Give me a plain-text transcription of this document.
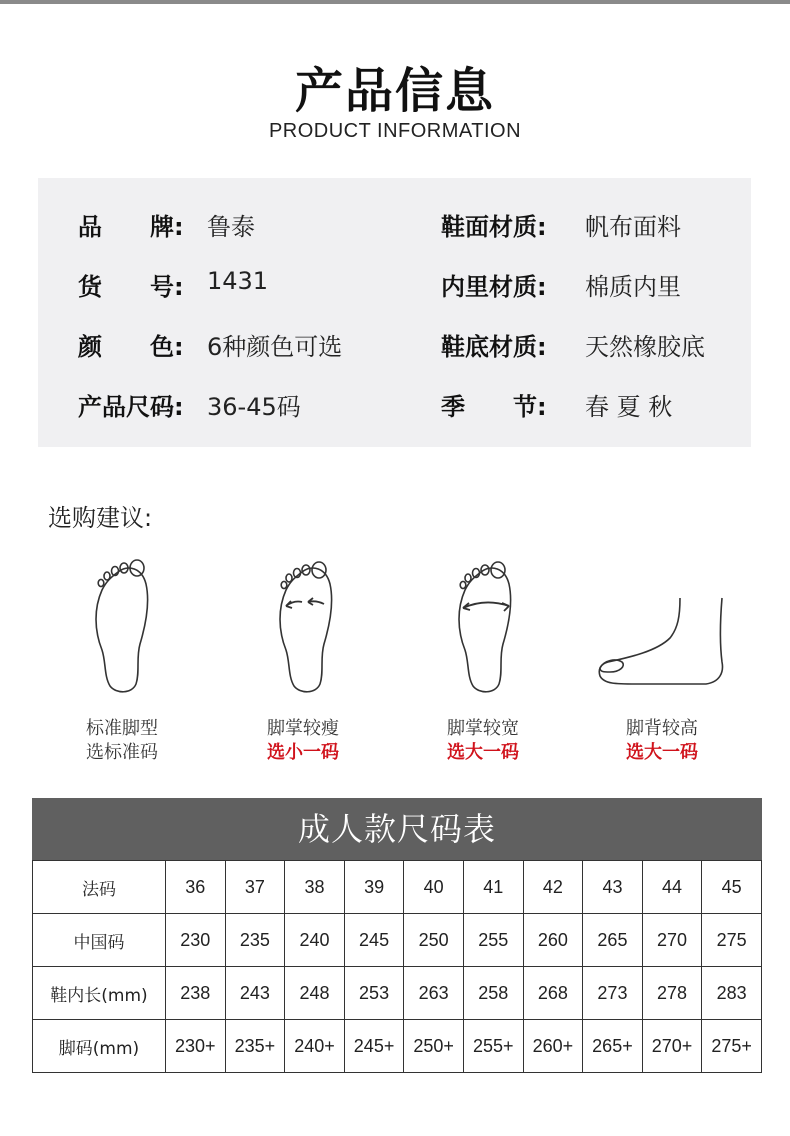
产品信息
PRODUCT INFORMATION
品　　牌: 鲁泰
货　　号: 1431
颜　　色: 6种颜色可选
产品尺码: 36-45码
鞋面材质: 帆布面料
内里材质: 棉质内里
鞋底材质: 天然橡胶底
季　　节: 春 夏 秋
选购建议:
标准脚型
选标准码
脚掌较瘦
选小一码
脚掌较宽
选大一码
脚背较高
选大一码
成人款尺码表
法码	36	37	38	39	40	41	42	43	44	45
中国码	230	235	240	245	250	255	260	265	270	275
鞋内长(mm)	238	243	248	253	263	258	268	273	278	283
脚码(mm)	230+	235+	240+	245+	250+	255+	260+	265+	270+	275+
